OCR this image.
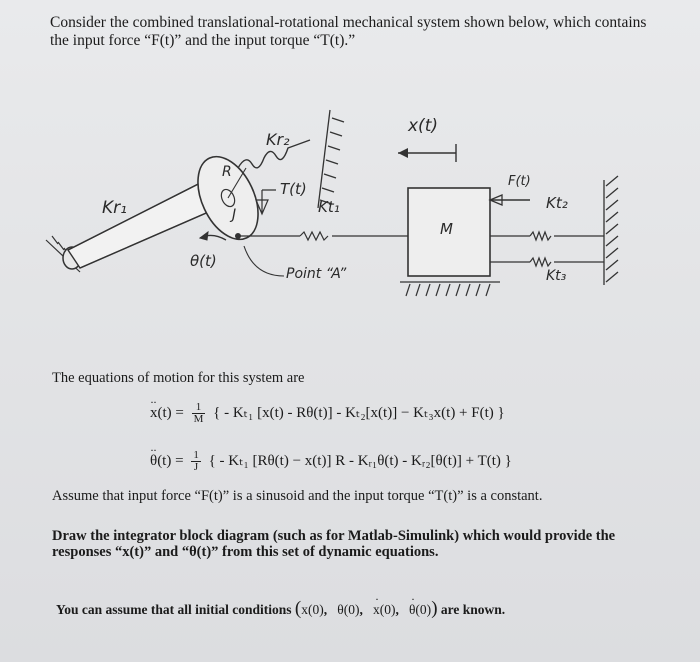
Consider the combined translational-rotational mechanical system shown below, which contains
the input force “F(t)” and the input torque “T(t).”
Kr₁
Kr₂
R
J
T(t)
θ(t)
Kt₁
Point “A”
x(t)
M
F(t)
Kt₂
Kt₃
The equations of motion for this system are
·· $x(t) = \frac{1}{M}$ { - Kₜ₁ [x(t) - Rθ(t)] - Kₜ₂[x(t)] − Kₜ₃x(t) + F(t) }
·· $\theta(t) = \frac{1}{J}$ { - Kₜ₁ [Rθ(t) − x(t)] R - Kᵣ₁θ(t) - Kᵣ₂[θ(t)] + T(t) }
Assume that input force “F(t)” is a sinusoid and the input torque “T(t)” is a constant.
Draw the integrator block diagram (such as for Matlab-Simulink) which would provide the
responses “x(t)” and “θ(t)” from this set of dynamic equations.
You can assume that all initial conditions (x(0),   θ(0),   · x(0),   · θ(0)) are known.
